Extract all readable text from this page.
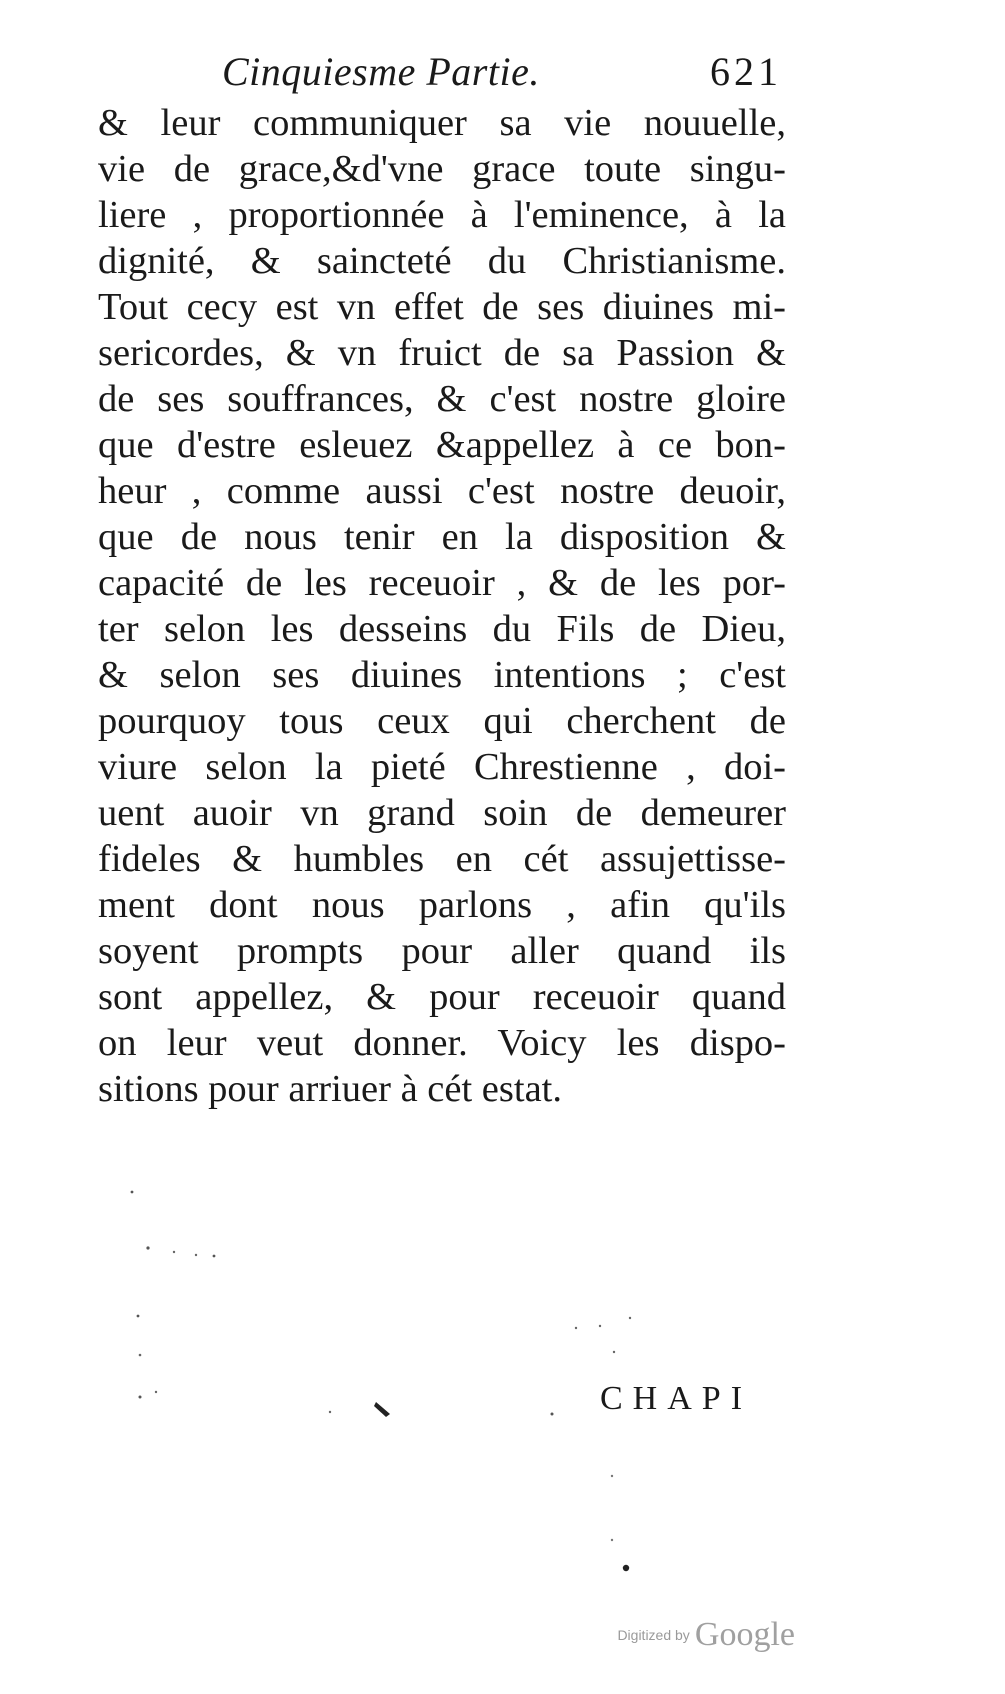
Cinquiesme Partie.	621
& leur communiquer sa vie nouuelle,
vie de grace,&d'vne grace toute singu-
liere , proportionnée à l'eminence, à la
dignité, & saincteté du Christianisme.
Tout cecy est vn effet de ses diuines mi-
sericordes, & vn fruict de sa Passion &
de ses souffrances, & c'est nostre gloire
que d'estre esleuez &appellez à ce bon-
heur , comme aussi c'est nostre deuoir,
que de nous tenir en la disposition &
capacité de les receuoir , & de les por-
ter selon les desseins du Fils de Dieu,
& selon ses diuines intentions ; c'est
pourquoy tous ceux qui cherchent de
viure selon la pieté Chrestienne , doi-
uent auoir vn grand soin de demeurer
fideles & humbles en cét assujettisse-
ment dont nous parlons , afin qu'ils
soyent prompts pour aller quand ils
sont appellez, & pour receuoir quand
on leur veut donner. Voicy les dispo-
sitions pour arriuer à cét estat.
CHAPI
Digitized by Google
